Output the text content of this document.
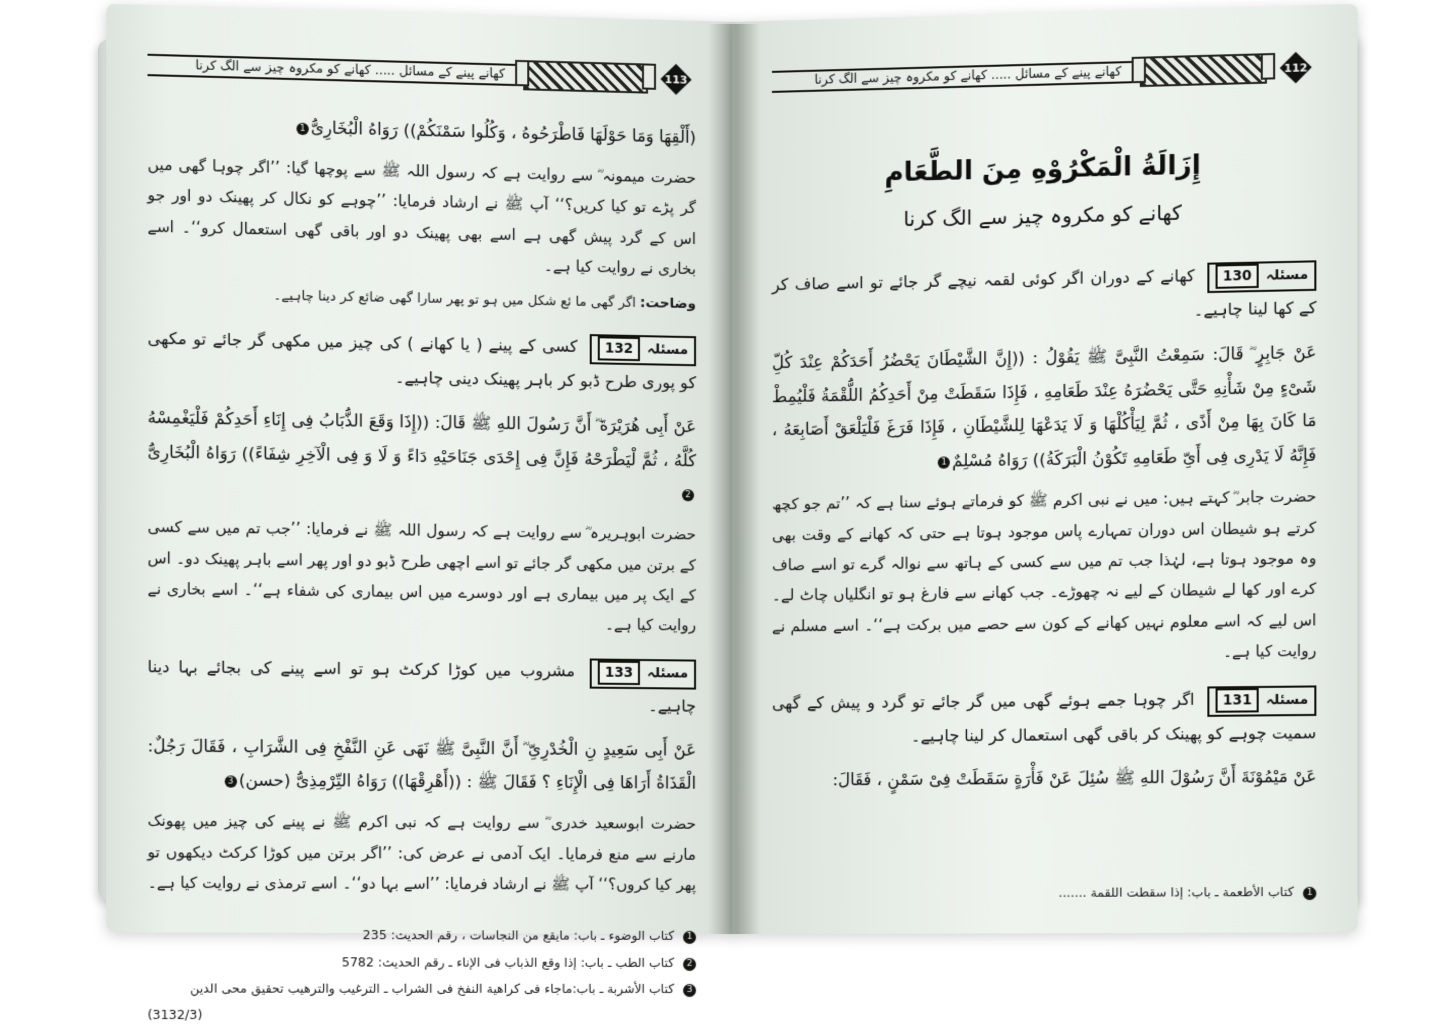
113
کھانے پینے کے مسائل ..... کھانے کو مکروہ چیز سے الگ کرنا
(أَلْقِهَا وَمَا حَوْلَهَا فَاطْرَحُوهُ ، وَكُلُوا سَمْنَكُمْ)) رَوَاهُ الْبُخَارِىُّ1
حضرت میمونہ ؓ سے روایت ہے کہ رسول اللہ ﷺ سے پوچھا گیا: ’’اگر چوہا گھی میں گر پڑے تو کیا کریں؟‘‘ آپ ﷺ نے ارشاد فرمایا: ’’چوہے کو نکال کر پھینک دو اور جو اس کے گرد پیش گھی ہے اسے بھی پھینک دو اور باقی گھی استعمال کرو‘‘۔ اسے بخاری نے روایت کیا ہے۔
وضاحت: اگر گھی ما ئع شکل میں ہو تو پھر سارا گھی ضائع کر دینا چاہیے۔
مسئلہ 132 کسی کے پینے ( یا کھانے ) کی چیز میں مکھی گر جائے تو مکھی کو پوری طرح ڈبو کر باہر پھینک دینی چاہیے۔
عَنْ أَبِى هُرَيْرَةَ ؓ أَنَّ رَسُولَ اللهِ ﷺ قَالَ: ((إِذَا وَقَعَ الذُّبَابُ فِى إِنَاءِ أَحَدِكُمْ فَلْيَغْمِسْهُ كُلَّهُ ، ثُمَّ لْيَطْرَحْهُ فَإِنَّ فِى إِحْدَى جَنَاحَيْهِ دَاءً وَ لَا وَ فِى الْآخِرِ شِفَاءً)) رَوَاهُ الْبُخَارِىُّ2
حضرت ابوہریرہ ؓ سے روایت ہے کہ رسول اللہ ﷺ نے فرمایا: ’’جب تم میں سے کسی کے برتن میں مکھی گر جائے تو اسے اچھی طرح ڈبو دو اور پھر اسے باہر پھینک دو۔ اس کے ایک پر میں بیماری ہے اور دوسرے میں اس بیماری کی شفاء ہے‘‘۔ اسے بخاری نے روایت کیا ہے۔
مسئلہ 133 مشروب میں کوڑا کرکٹ ہو تو اسے پینے کی بجائے بہا دینا چاہیے۔
عَنْ أَبِى سَعِيدٍ نِ الْخُدْرِىِّ ؓ أَنَّ النَّبِىَّ ﷺ نَهَى عَنِ النَّفْخِ فِى الشَّرَابِ ، فَقَالَ رَجُلٌ: الْقَذَاةُ أَرَاهَا فِى الْإِنَاءِ ؟ فَقَالَ ﷺ : ((أَهْرِقْهَا)) رَوَاهُ التِّرْمِذِىُّ (حسن)3
حضرت ابوسعید خدری ؓ سے روایت ہے کہ نبی اکرم ﷺ نے پینے کی چیز میں پھونک مارنے سے منع فرمایا۔ ایک آدمی نے عرض کی: ’’اگر برتن میں کوڑا کرکٹ دیکھوں تو پھر کیا کروں؟‘‘ آپ ﷺ نے ارشاد فرمایا: ’’اسے بہا دو‘‘۔ اسے ترمذی نے روایت کیا ہے۔
1 کتاب الوضوء ـ باب: مایقع من النجاسات ، رقم الحدیث: 235
2 کتاب الطب ـ باب: إذا وقع الذباب فى الإناء ـ رقم الحدیث: 5782
3 کتاب الأشربة ـ باب:ماجاء فى كراهية النفخ فى الشراب ـ الترغیب والترهیب تحقیق محی الدین
(3132/3)
112
کھانے پینے کے مسائل ..... کھانے کو مکروہ چیز سے الگ کرنا
إِزَالَةُ الْمَكْرُوْهِ مِنَ الطَّعَامِ
کھانے کو مکروہ چیز سے الگ کرنا
مسئلہ 130 کھانے کے دوران اگر کوئی لقمہ نیچے گر جائے تو اسے صاف کر کے کھا لینا چاہیے۔
عَنْ جَابِرٍ ؓ قَالَ: سَمِعْتُ النَّبِىَّ ﷺ يَقُوْلُ : ((إِنَّ الشَّيْطَانَ يَحْضُرُ أَحَدَكُمْ عِنْدَ كُلِّ شَىْءٍ مِنْ شَأْنِهِ حَتَّى يَحْضُرَهُ عِنْدَ طَعَامِهِ ، فَإِذَا سَقَطَتْ مِنْ أَحَدِكُمُ اللُّقْمَةُ فَلْيُمِطْ مَا كَانَ بِهَا مِنْ أَذًى ، ثُمَّ لِيَأْكُلْهَا وَ لَا يَدَعْهَا لِلشَّيْطَانِ ، فَإِذَا فَرَغَ فَلْيَلْعَقْ أَصَابِعَهُ ، فَإِنَّهُ لَا يَدْرِى فِى أَىِّ طَعَامِهِ تَكُوْنُ الْبَرَكَةُ)) رَوَاهُ مُسْلِمٌ1
حضرت جابر ؓ کہتے ہیں: میں نے نبی اکرم ﷺ کو فرماتے ہوئے سنا ہے کہ ’’تم جو کچھ کرتے ہو شیطان اس دوران تمہارے پاس موجود ہوتا ہے حتی کہ کھانے کے وقت بھی وہ موجود ہوتا ہے، لہٰذا جب تم میں سے کسی کے ہاتھ سے نوالہ گرے تو اسے صاف کرے اور کھا لے شیطان کے لیے نہ چھوڑے۔ جب کھانے سے فارغ ہو تو انگلیاں چاٹ لے۔ اس لیے کہ اسے معلوم نہیں کھانے کے کون سے حصے میں برکت ہے‘‘۔ اسے مسلم نے روایت کیا ہے۔
مسئلہ 131 اگر چوہا جمے ہوئے گھی میں گر جائے تو گرد و پیش کے گھی سمیت چوہے کو پھینک کر باقی گھی استعمال کر لینا چاہیے۔
عَنْ مَيْمُوْنَةَ أَنَّ رَسُوْلَ اللهِ ﷺ سُئِلَ عَنْ فَأْرَةٍ سَقَطَتْ فِىْ سَمْنٍ ، فَقَالَ:
1 کتاب الأطعمة ـ باب: إذا سقطت اللقمة .......
